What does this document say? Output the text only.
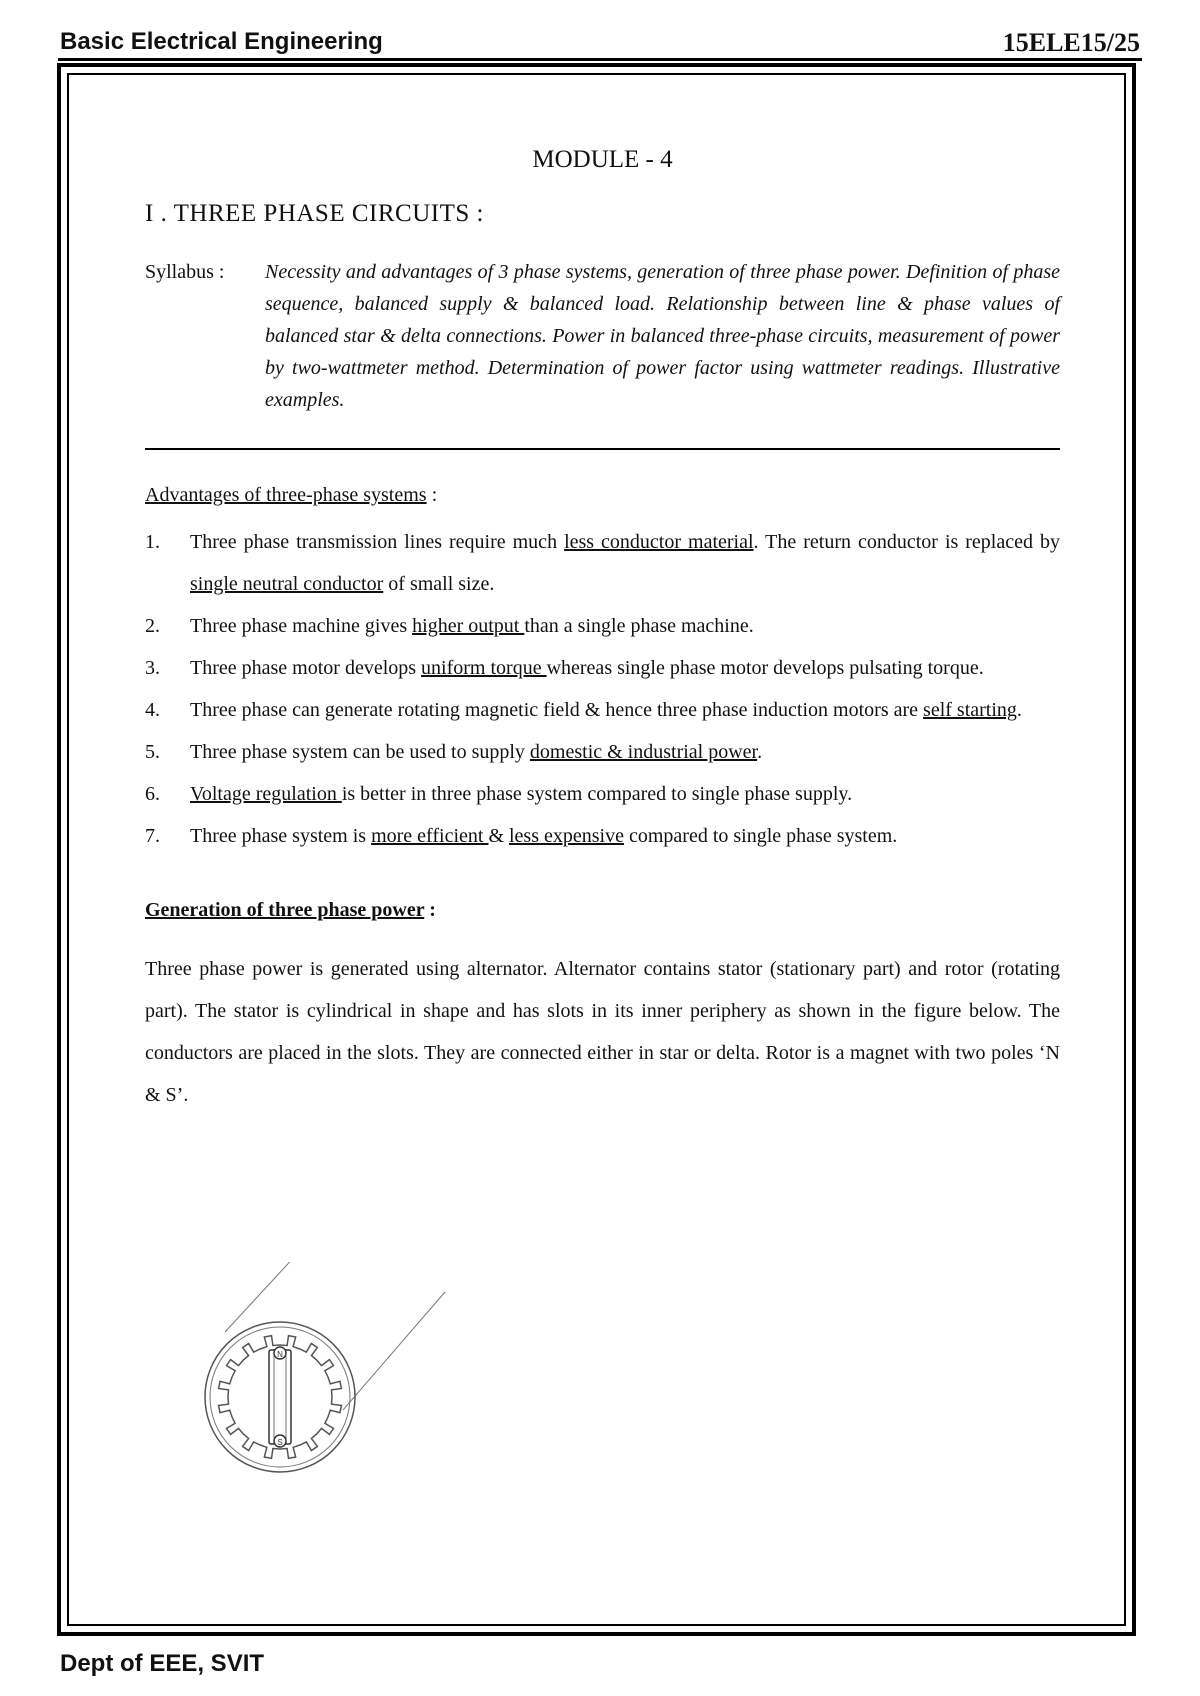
Basic Electrical Engineering	15ELE15/25
MODULE - 4
I . THREE PHASE CIRCUITS :
Syllabus :	Necessity and advantages of 3 phase systems, generation of three phase power. Definition of phase sequence, balanced supply & balanced load. Relationship between line & phase values of balanced star & delta connections. Power in balanced three-phase circuits, measurement of power by two-wattmeter method. Determination of power factor using wattmeter readings. Illustrative examples.
Advantages of three-phase systems :
1.	Three phase transmission lines require much less conductor material. The return conductor is replaced by single neutral conductor of small size.
2.	Three phase machine gives higher output than a single phase machine.
3.	Three phase motor develops uniform torque whereas single phase motor develops pulsating torque.
4.	Three phase can generate rotating magnetic field & hence three phase induction motors are self starting.
5.	Three phase system can be used to supply domestic & industrial power.
6.	Voltage regulation is better in three phase system compared to single phase supply.
7.	Three phase system is more efficient & less expensive compared to single phase system.
Generation of three phase power :
Three phase power is generated using alternator. Alternator contains stator (stationary part) and rotor (rotating part). The stator is cylindrical in shape and has slots in its inner periphery as shown in the figure below. The conductors are placed in the slots. They are connected either in star or delta. Rotor is a magnet with two poles ‘N & S’.
N
S
Dept of EEE, SVIT
